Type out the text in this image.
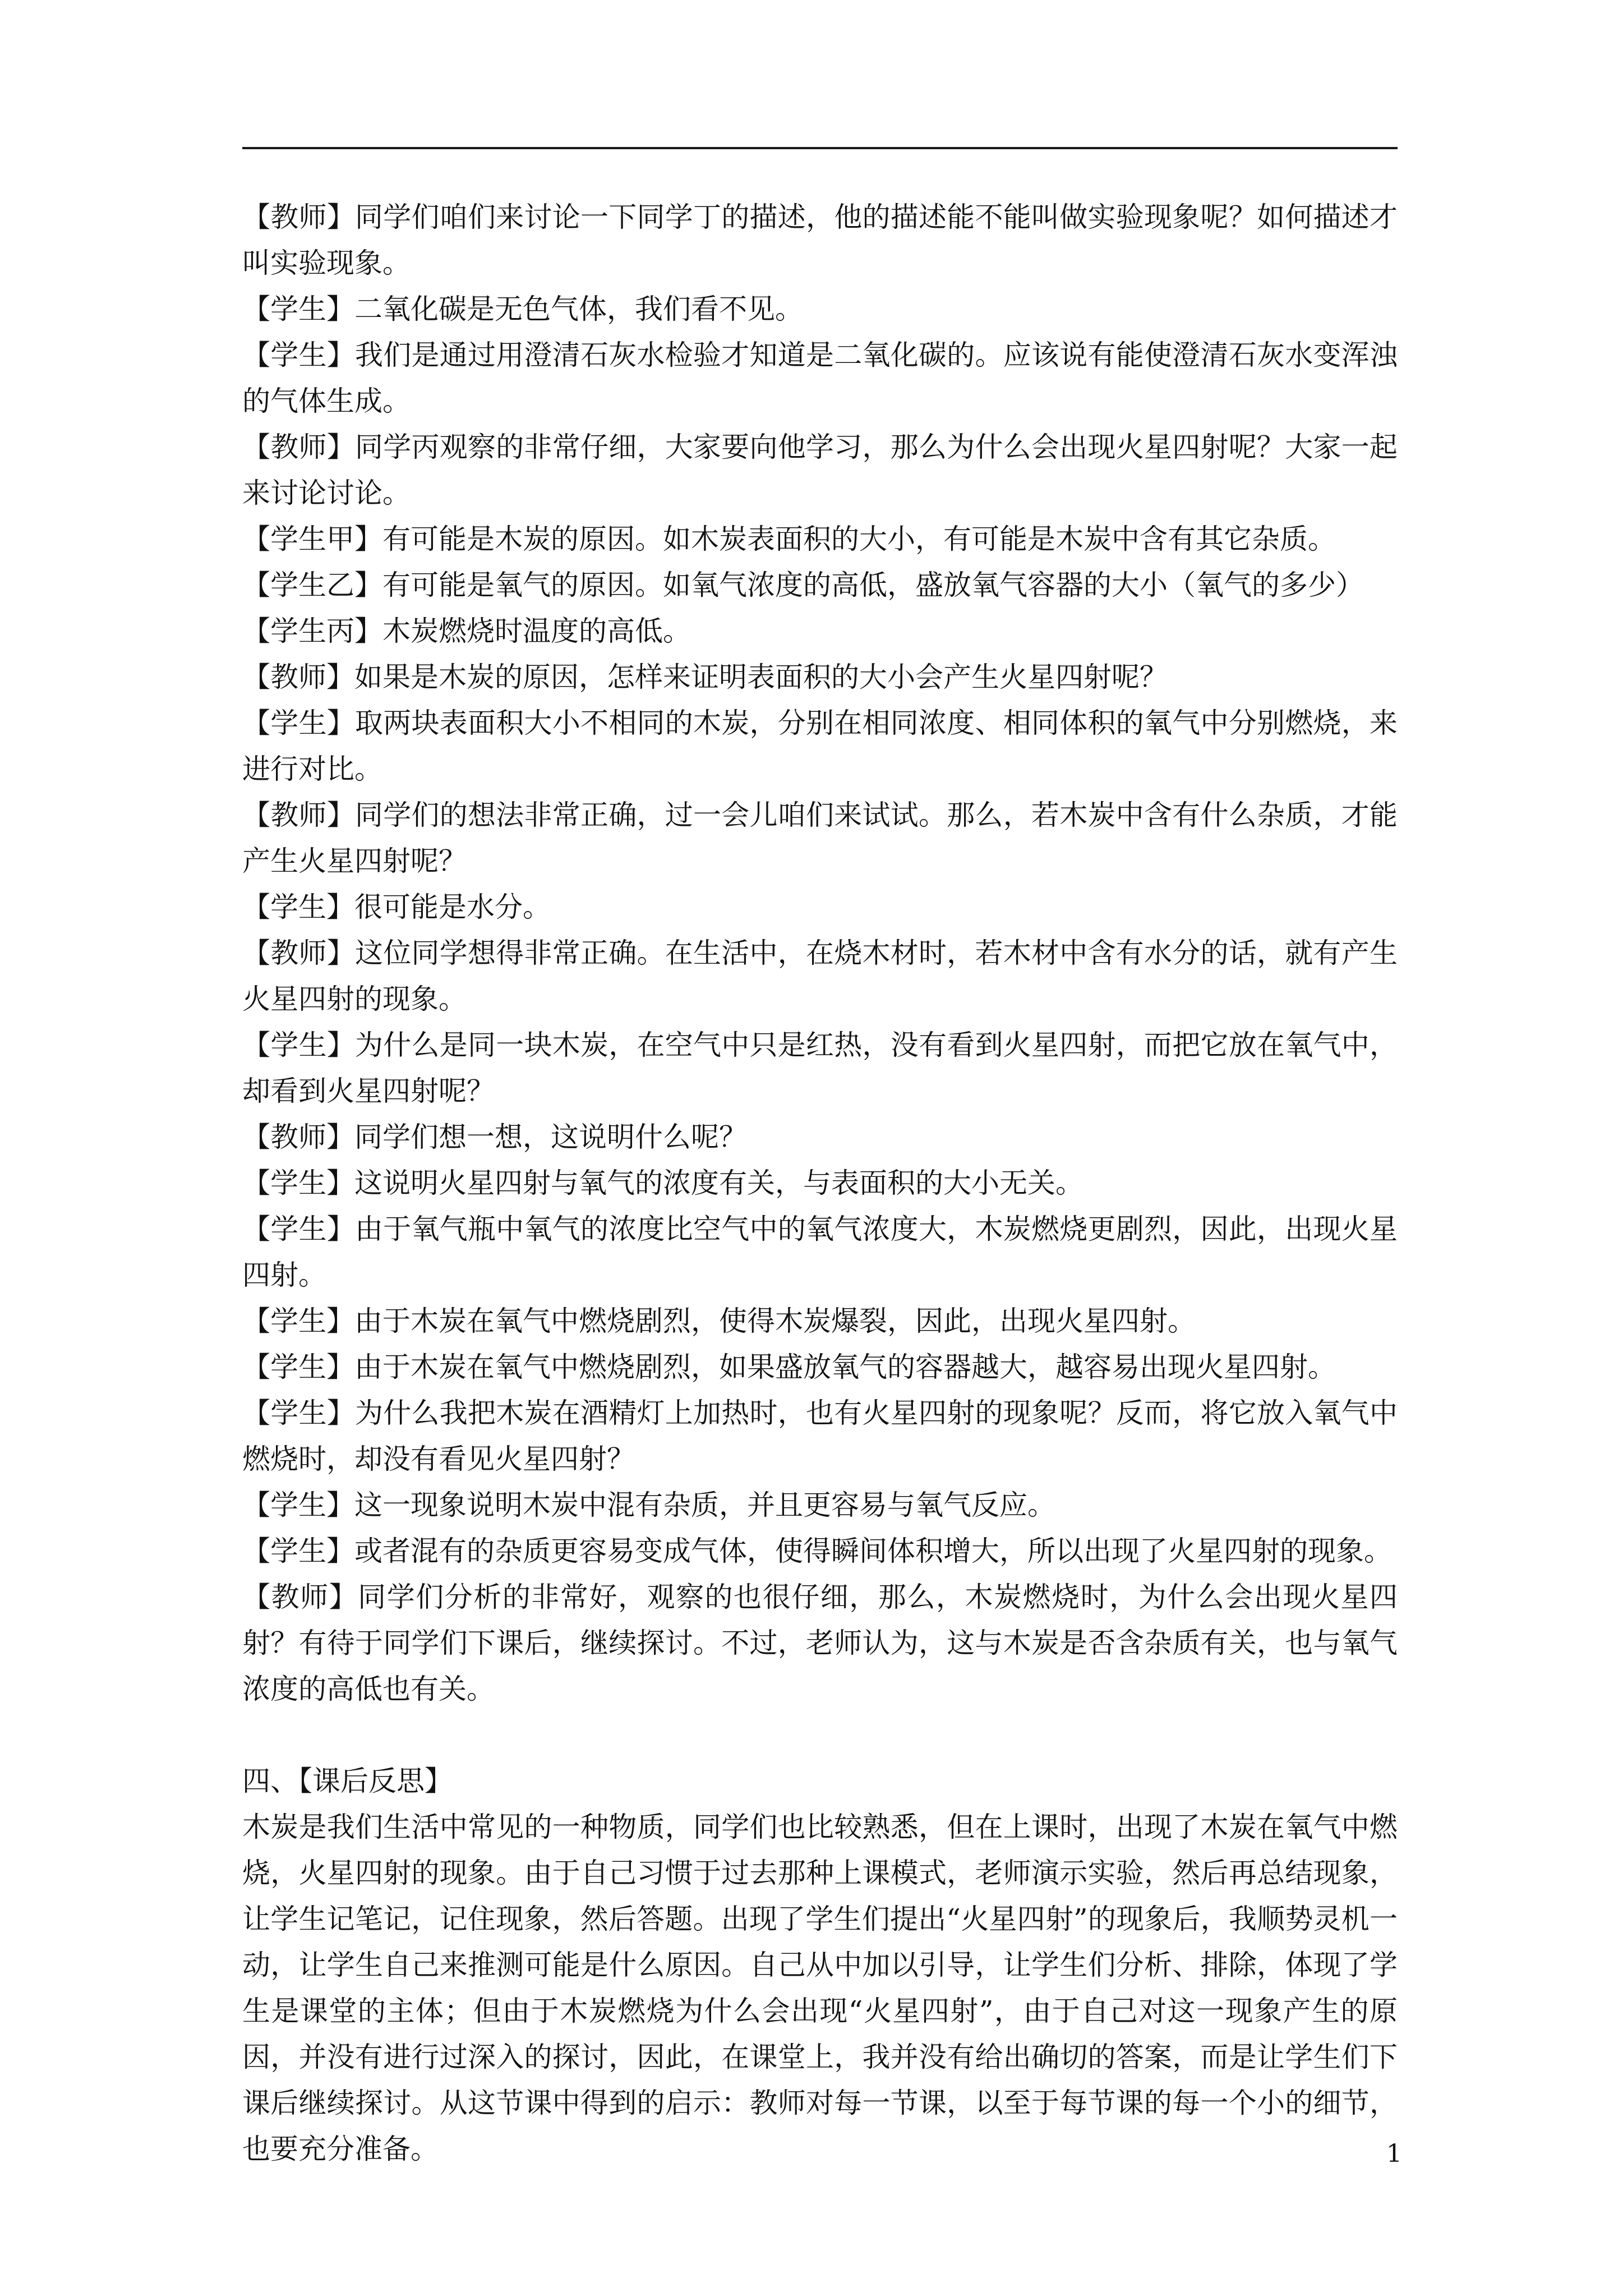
【教师】同学们咱们来讨论一下同学丁的描述，他的描述能不能叫做实验现象呢？如何描述才叫实验现象。

【学生】二氧化碳是无色气体，我们看不见。

【学生】我们是通过用澄清石灰水检验才知道是二氧化碳的。应该说有能使澄清石灰水变浑浊的气体生成。

【教师】同学丙观察的非常仔细，大家要向他学习，那么为什么会出现火星四射呢？大家一起来讨论讨论。

【学生甲】有可能是木炭的原因。如木炭表面积的大小，有可能是木炭中含有其它杂质。

【学生乙】有可能是氧气的原因。如氧气浓度的高低，盛放氧气容器的大小（氧气的多少）

【学生丙】木炭燃烧时温度的高低。

【教师】如果是木炭的原因，怎样来证明表面积的大小会产生火星四射呢？

【学生】取两块表面积大小不相同的木炭，分别在相同浓度、相同体积的氧气中分别燃烧，来进行对比。

【教师】同学们的想法非常正确，过一会儿咱们来试试。那么，若木炭中含有什么杂质，才能产生火星四射呢？

【学生】很可能是水分。

【教师】这位同学想得非常正确。在生活中，在烧木材时，若木材中含有水分的话，就有产生火星四射的现象。

【学生】为什么是同一块木炭，在空气中只是红热，没有看到火星四射，而把它放在氧气中，却看到火星四射呢？

【教师】同学们想一想，这说明什么呢？

【学生】这说明火星四射与氧气的浓度有关，与表面积的大小无关。

【学生】由于氧气瓶中氧气的浓度比空气中的氧气浓度大，木炭燃烧更剧烈，因此，出现火星四射。

【学生】由于木炭在氧气中燃烧剧烈，使得木炭爆裂，因此，出现火星四射。

【学生】由于木炭在氧气中燃烧剧烈，如果盛放氧气的容器越大，越容易出现火星四射。

【学生】为什么我把木炭在酒精灯上加热时，也有火星四射的现象呢？反而，将它放入氧气中燃烧时，却没有看见火星四射？

【学生】这一现象说明木炭中混有杂质，并且更容易与氧气反应。

【学生】或者混有的杂质更容易变成气体，使得瞬间体积增大，所以出现了火星四射的现象。

【教师】同学们分析的非常好，观察的也很仔细，那么，木炭燃烧时，为什么会出现火星四射？有待于同学们下课后，继续探讨。不过，老师认为，这与木炭是否含杂质有关，也与氧气浓度的高低也有关。

四、【课后反思】

木炭是我们生活中常见的一种物质，同学们也比较熟悉，但在上课时，出现了木炭在氧气中燃烧，火星四射的现象。由于自己习惯于过去那种上课模式，老师演示实验，然后再总结现象，让学生记笔记，记住现象，然后答题。出现了学生们提出“火星四射”的现象后，我顺势灵机一动，让学生自己来推测可能是什么原因。自己从中加以引导，让学生们分析、排除，体现了学生是课堂的主体；但由于木炭燃烧为什么会出现“火星四射”，由于自己对这一现象产生的原因，并没有进行过深入的探讨，因此，在课堂上，我并没有给出确切的答案，而是让学生们下课后继续探讨。从这节课中得到的启示：教师对每一节课，以至于每节课的每一个小的细节，也要充分准备。	1
